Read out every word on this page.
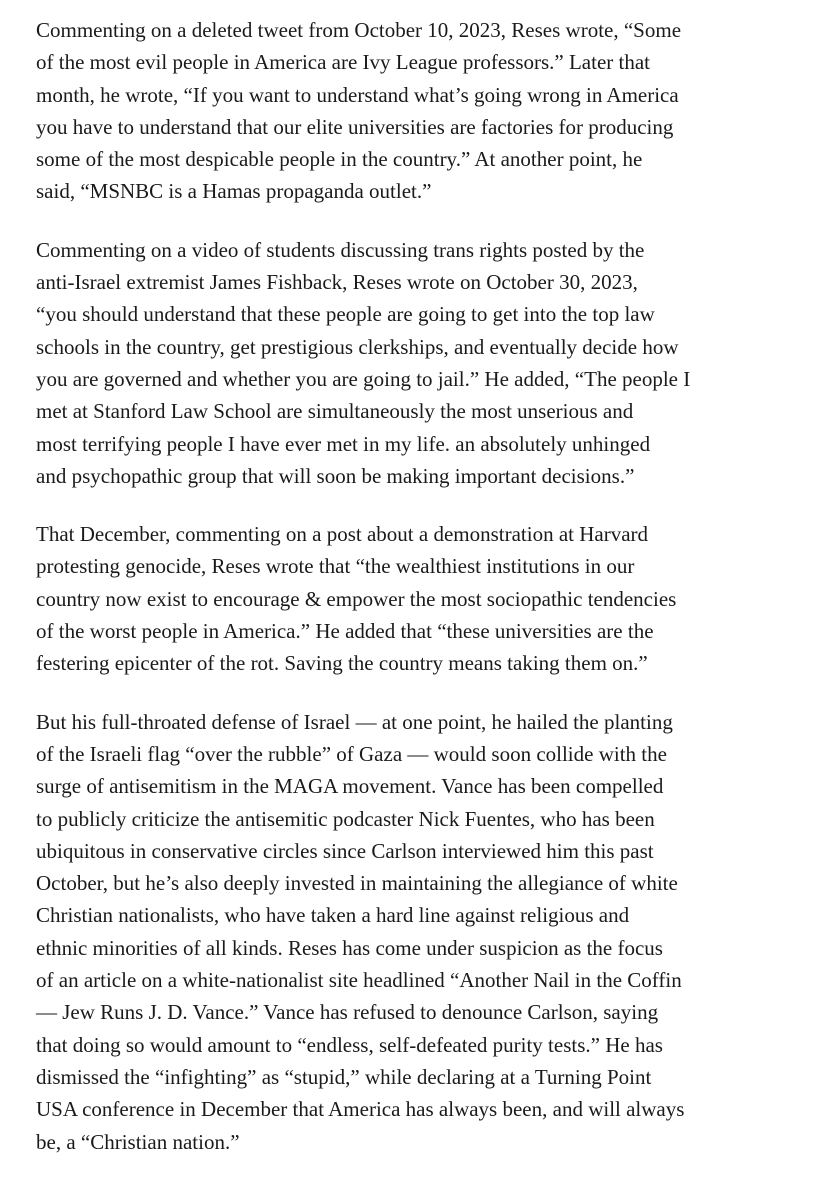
Commenting on a deleted tweet from October 10, 2023, Reses wrote, “Some
of the most evil people in America are Ivy League professors.” Later that
month, he wrote, “If you want to understand what’s going wrong in America
you have to understand that our elite universities are factories for producing
some of the most despicable people in the country.” At another point, he
said, “MSNBC is a Hamas propaganda outlet.”

Commenting on a video of students discussing trans rights posted by the
anti-Israel extremist James Fishback, Reses wrote on October 30, 2023,
“you should understand that these people are going to get into the top law
schools in the country, get prestigious clerkships, and eventually decide how
you are governed and whether you are going to jail.” He added, “The people I
met at Stanford Law School are simultaneously the most unserious and
most terrifying people I have ever met in my life. an absolutely unhinged
and psychopathic group that will soon be making important decisions.”

That December, commenting on a post about a demonstration at Harvard
protesting genocide, Reses wrote that “the wealthiest institutions in our
country now exist to encourage & empower the most sociopathic tendencies
of the worst people in America.” He added that “these universities are the
festering epicenter of the rot. Saving the country means taking them on.”

But his full-throated defense of Israel — at one point, he hailed the planting
of the Israeli flag “over the rubble” of Gaza — would soon collide with the
surge of antisemitism in the MAGA movement. Vance has been compelled
to publicly criticize the antisemitic podcaster Nick Fuentes, who has been
ubiquitous in conservative circles since Carlson interviewed him this past
October, but he’s also deeply invested in maintaining the allegiance of white
Christian nationalists, who have taken a hard line against religious and
ethnic minorities of all kinds. Reses has come under suspicion as the focus
of an article on a white-nationalist site headlined “Another Nail in the Coffin
— Jew Runs J. D. Vance.” Vance has refused to denounce Carlson, saying
that doing so would amount to “endless, self-defeated purity tests.” He has
dismissed the “infighting” as “stupid,” while declaring at a Turning Point
USA conference in December that America has always been, and will always
be, a “Christian nation.”
